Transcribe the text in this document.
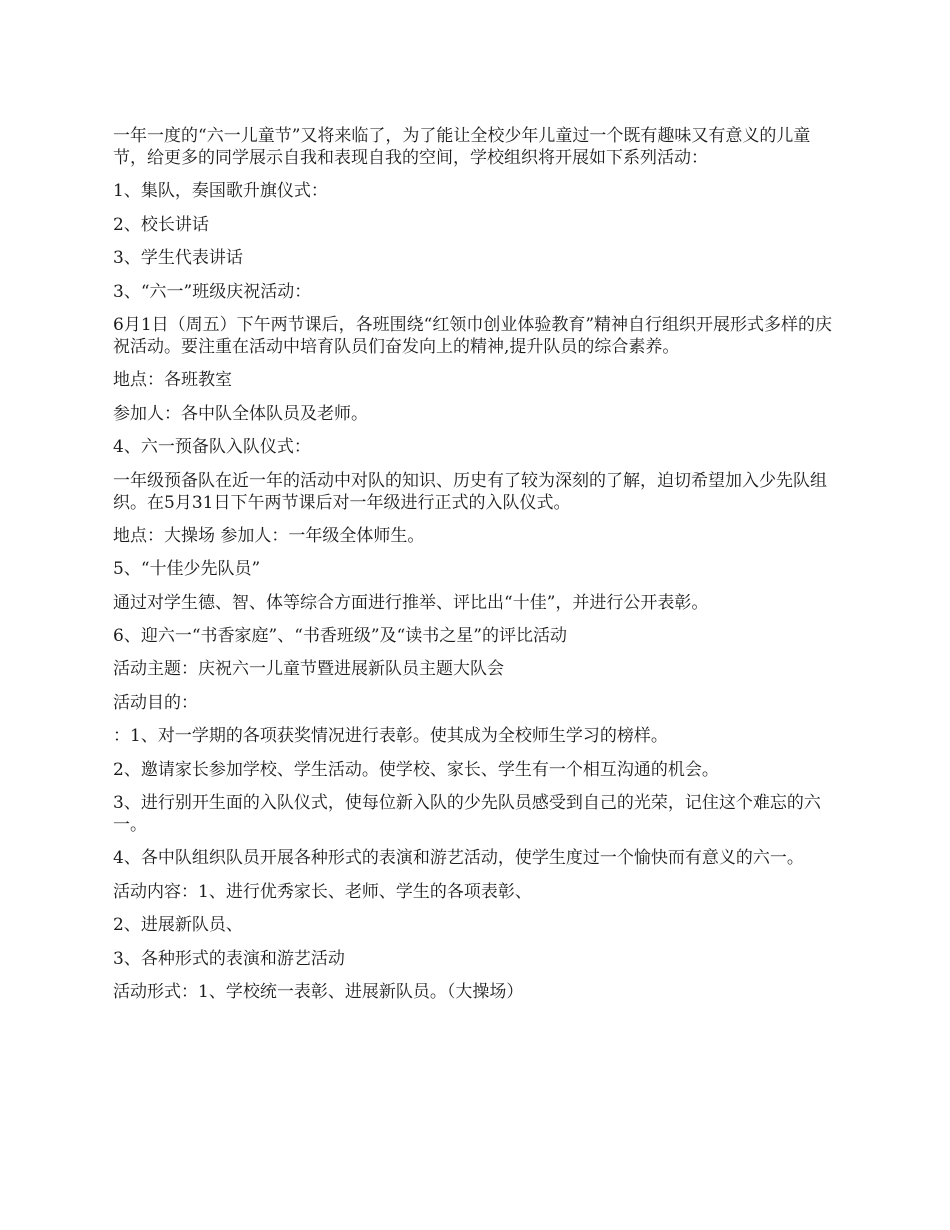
一年一度的“六一儿童节”又将来临了，为了能让全校少年儿童过一个既有趣味又有意义的儿童节，给更多的同学展示自我和表现自我的空间，学校组织将开展如下系列活动：

1、集队，奏国歌升旗仪式：

2、校长讲话

3、学生代表讲话

3、“六一”班级庆祝活动：

6月1日（周五）下午两节课后，各班围绕“红领巾创业体验教育”精神自行组织开展形式多样的庆祝活动。要注重在活动中培育队员们奋发向上的精神,提升队员的综合素养。

地点：各班教室

参加人：各中队全体队员及老师。

4、六一预备队入队仪式：

一年级预备队在近一年的活动中对队的知识、历史有了较为深刻的了解，迫切希望加入少先队组织。在5月31日下午两节课后对一年级进行正式的入队仪式。

地点：大操场 参加人：一年级全体师生。

5、“十佳少先队员”

通过对学生德、智、体等综合方面进行推举、评比出“十佳”，并进行公开表彰。

6、迎六一“书香家庭”、“书香班级”及“读书之星”的评比活动

活动主题：庆祝六一儿童节暨进展新队员主题大队会

活动目的：

：1、对一学期的各项获奖情况进行表彰。使其成为全校师生学习的榜样。

2、邀请家长参加学校、学生活动。使学校、家长、学生有一个相互沟通的机会。

3、进行别开生面的入队仪式，使每位新入队的少先队员感受到自己的光荣，记住这个难忘的六一。

4、各中队组织队员开展各种形式的表演和游艺活动，使学生度过一个愉快而有意义的六一。

活动内容：1、进行优秀家长、老师、学生的各项表彰、

2、进展新队员、

3、各种形式的表演和游艺活动

活动形式：1、学校统一表彰、进展新队员。（大操场）
